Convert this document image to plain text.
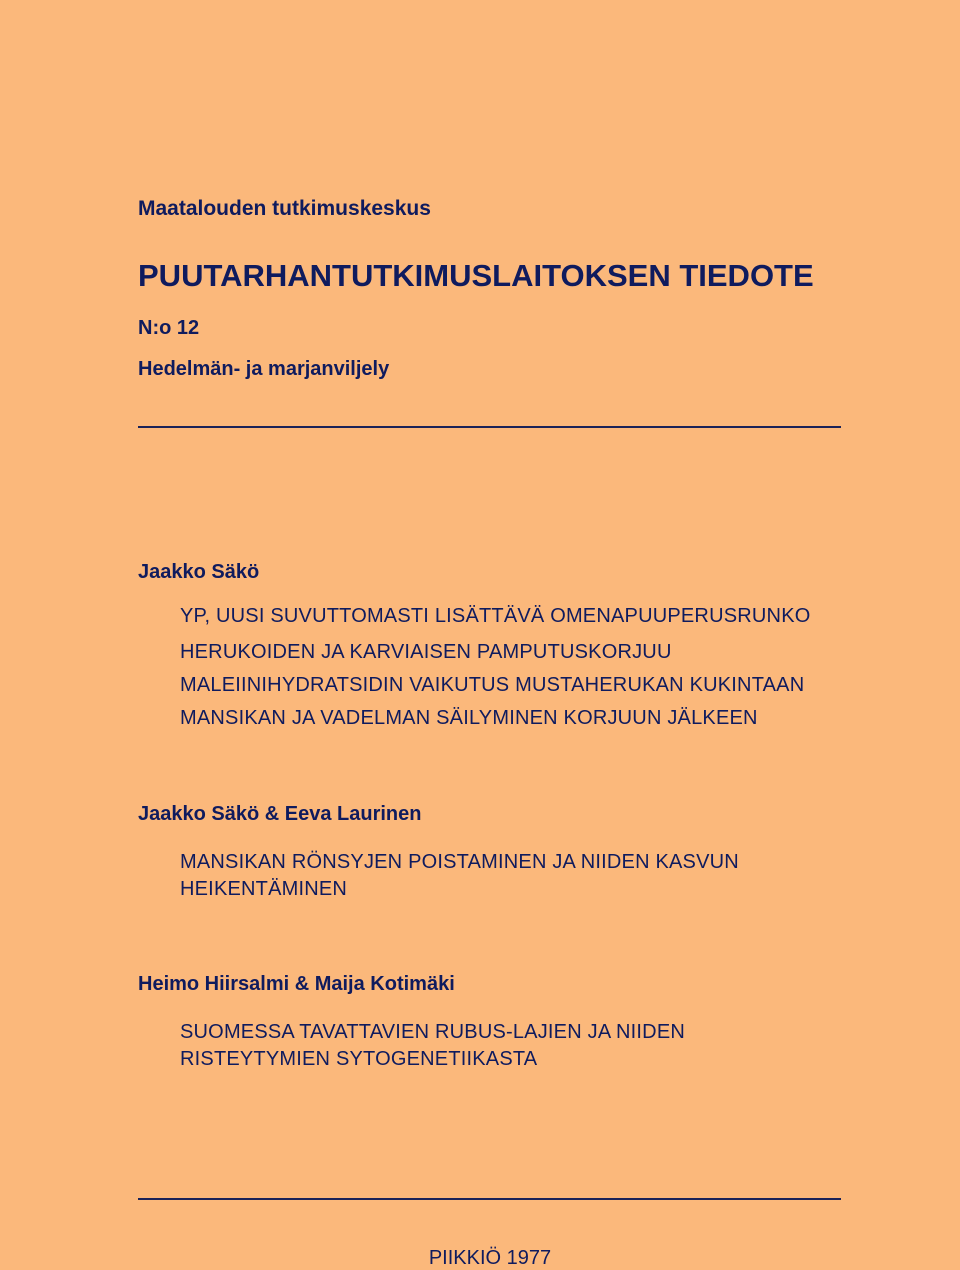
Maatalouden tutkimuskeskus

PUUTARHANTUTKIMUSLAITOKSEN TIEDOTE

N:o 12

Hedelmän- ja marjanviljely

Jaakko Säkö

YP, UUSI SUVUTTOMASTI LISÄTTÄVÄ OMENAPUUPERUSRUNKO

HERUKOIDEN JA KARVIAISEN PAMPUTUSKORJUU

MALEIINIHYDRATSIDIN VAIKUTUS MUSTAHERUKAN KUKINTAAN

MANSIKAN JA VADELMAN SÄILYMINEN KORJUUN JÄLKEEN

Jaakko Säkö & Eeva Laurinen

MANSIKAN RÖNSYJEN POISTAMINEN JA NIIDEN KASVUN

HEIKENTÄMINEN

Heimo Hiirsalmi & Maija Kotimäki

SUOMESSA TAVATTAVIEN RUBUS-LAJIEN JA NIIDEN

RISTEYTYMIEN SYTOGENETIIKASTA

PIIKKIÖ 1977
